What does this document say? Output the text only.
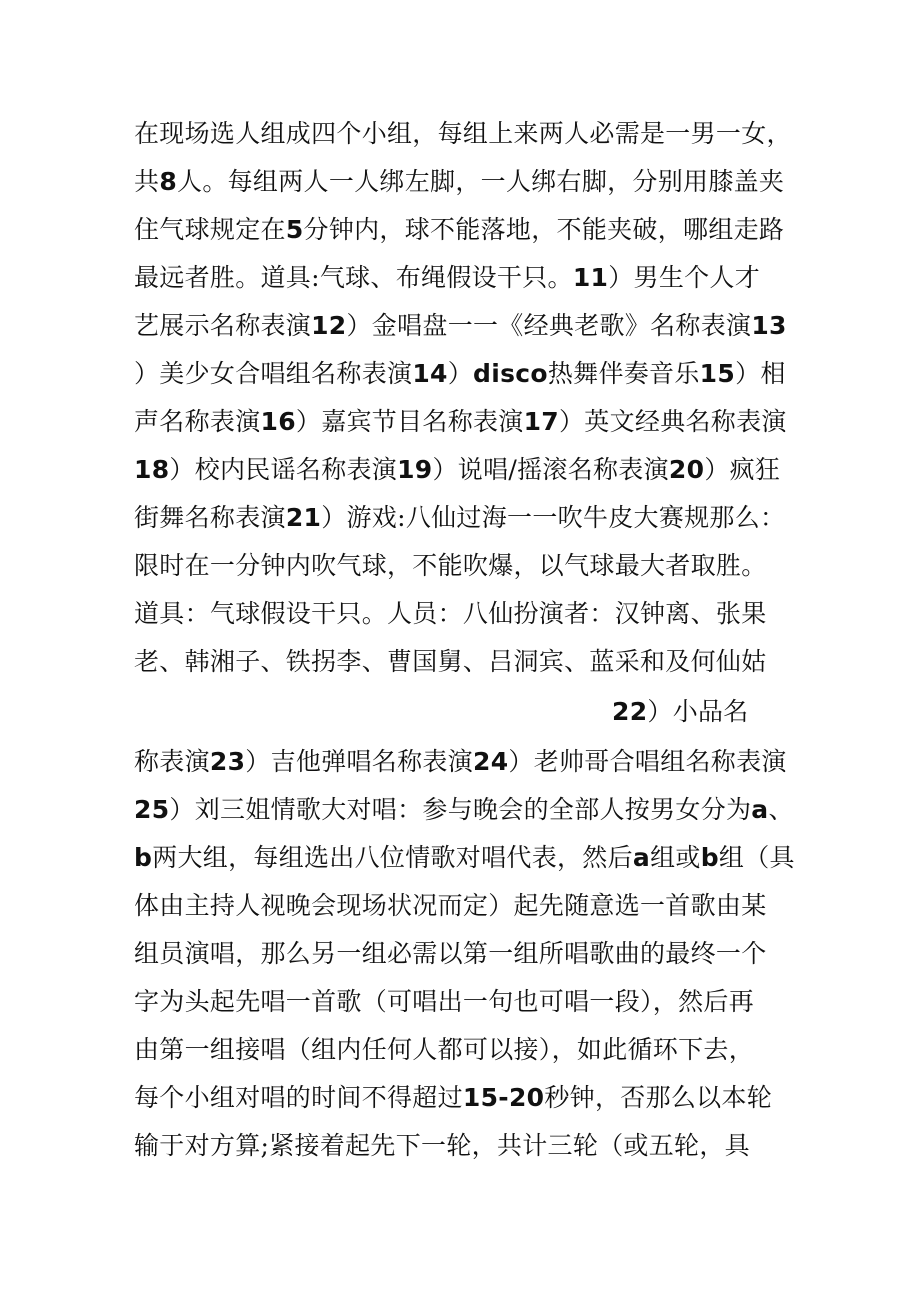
在现场选人组成四个小组，每组上来两人必需是一男一女，
共8人。每组两人一人绑左脚，一人绑右脚，分别用膝盖夹
住气球规定在5分钟内，球不能落地，不能夹破，哪组走路
最远者胜。道具:气球、布绳假设干只。11）男生个人才
艺展示名称表演12）金唱盘一一《经典老歌》名称表演13
）美少女合唱组名称表演14）disco热舞伴奏音乐15）相
声名称表演16）嘉宾节目名称表演17）英文经典名称表演
18）校内民谣名称表演19）说唱/摇滚名称表演20）疯狂
街舞名称表演21）游戏:八仙过海一一吹牛皮大赛规那么：
限时在一分钟内吹气球，不能吹爆，以气球最大者取胜。
道具：气球假设干只。人员：八仙扮演者：汉钟离、张果
老、韩湘子、铁拐李、曹国舅、吕洞宾、蓝采和及何仙姑
22）小品名
称表演23）吉他弹唱名称表演24）老帅哥合唱组名称表演
25）刘三姐情歌大对唱：参与晚会的全部人按男女分为a、
b两大组，每组选出八位情歌对唱代表，然后a组或b组（具
体由主持人视晚会现场状况而定）起先随意选一首歌由某
组员演唱，那么另一组必需以第一组所唱歌曲的最终一个
字为头起先唱一首歌（可唱出一句也可唱一段），然后再
由第一组接唱（组内任何人都可以接），如此循环下去，
每个小组对唱的时间不得超过15-20秒钟，否那么以本轮
输于对方算;紧接着起先下一轮，共计三轮（或五轮，具
